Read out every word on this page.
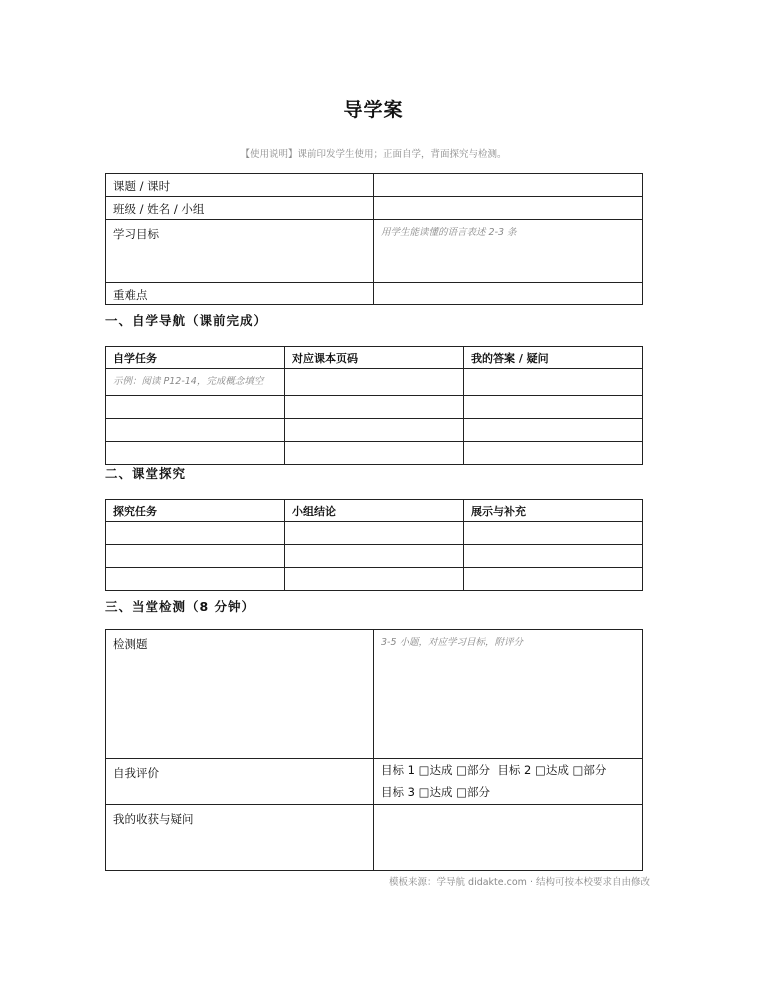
导学案
【使用说明】课前印发学生使用；正面自学，背面探究与检测。
课题 / 课时	
班级 / 姓名 / 小组	
学习目标	用学生能读懂的语言表述 2-3 条
重难点	
一、自学导航（课前完成）
自学任务	对应课本页码	我的答案 / 疑问
示例：阅读 P12-14，完成概念填空		

二、课堂探究
探究任务	小组结论	展示与补充

三、当堂检测（8 分钟）
检测题	3-5 小题，对应学习目标，附评分
自我评价	目标 1 □达成 □部分  目标 2 □达成 □部分
目标 3 □达成 □部分

我的收获与疑问	
模板来源：学导航 didakte.com · 结构可按本校要求自由修改
